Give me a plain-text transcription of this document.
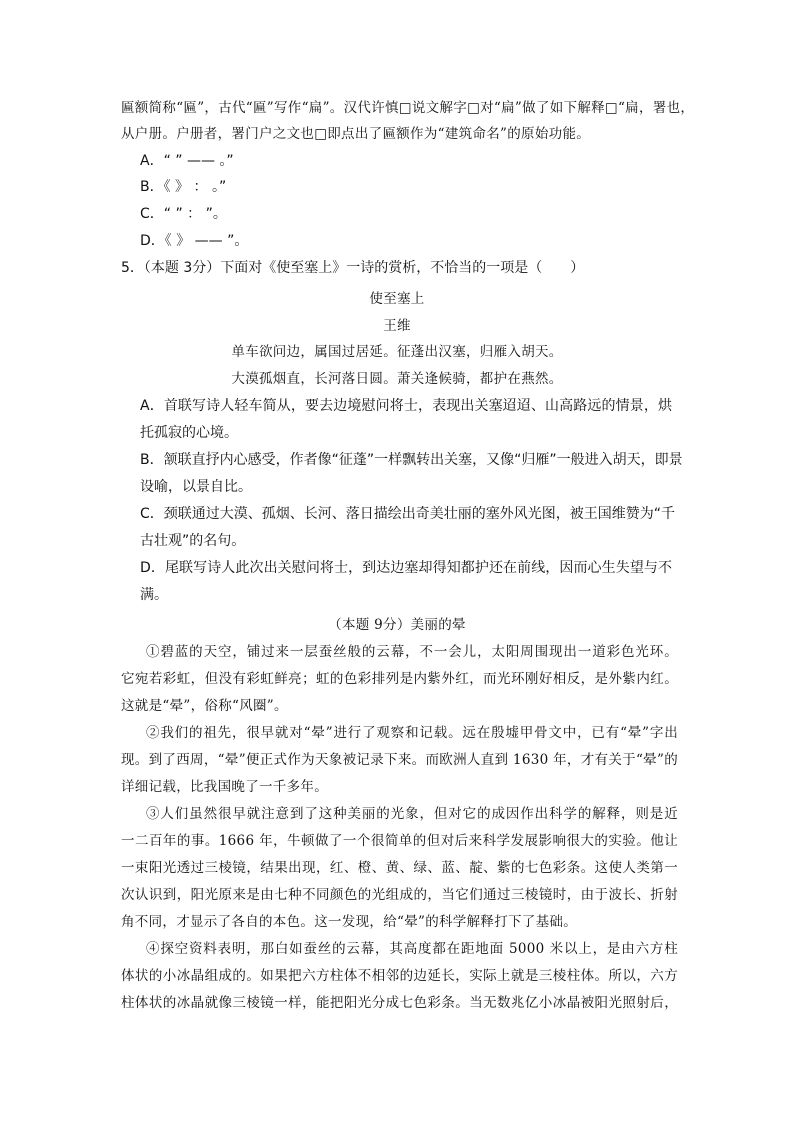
匾额简称“匾”，古代“匾”写作“扁”。汉代许慎□说文解字□对“扁”做了如下解释□“扁，署也，
从户册。户册者，署门户之文也□即点出了匾额作为“建筑命名”的原始功能。
A．“ ” —— 。”
B．《 》 ： 。”
C．“ ” ： ”。
D．《 》 —— ”。
5．（本题 3分）下面对《使至塞上》一诗的赏析，不恰当的一项是（　　）
使至塞上
王维
单车欲问边，属国过居延。征蓬出汉塞，归雁入胡天。
大漠孤烟直，长河落日圆。萧关逢候骑，都护在燕然。
A．首联写诗人轻车简从，要去边境慰问将士，表现出关塞迢迢、山高路远的情景，烘
托孤寂的心境。
B．颔联直抒内心感受，作者像“征蓬”一样飘转出关塞，又像“归雁”一般进入胡天，即景
设喻，以景自比。
C．颈联通过大漠、孤烟、长河、落日描绘出奇美壮丽的塞外风光图，被王国维赞为“千
古壮观”的名句。
D．尾联写诗人此次出关慰问将士，到达边塞却得知都护还在前线，因而心生失望与不
满。
（本题 9分）美丽的晕
①碧蓝的天空，铺过来一层蚕丝般的云幕，不一会儿，太阳周围现出一道彩色光环。
它宛若彩虹，但没有彩虹鲜亮；虹的色彩排列是内紫外红，而光环刚好相反，是外紫内红。
这就是“晕”，俗称“风圈”。
②我们的祖先，很早就对“晕”进行了观察和记载。远在殷墟甲骨文中，已有“晕”字出
现。到了西周，“晕”便正式作为天象被记录下来。而欧洲人直到 1630 年，才有关于“晕”的
详细记载，比我国晚了一千多年。
③人们虽然很早就注意到了这种美丽的光象，但对它的成因作出科学的解释，则是近
一二百年的事。1666 年，牛顿做了一个很简单的但对后来科学发展影响很大的实验。他让
一束阳光透过三棱镜，结果出现，红、橙、黄、绿、蓝、靛、紫的七色彩条。这使人类第一
次认识到，阳光原来是由七种不同颜色的光组成的，当它们通过三棱镜时，由于波长、折射
角不同，才显示了各自的本色。这一发现，给“晕”的科学解释打下了基础。
④探空资料表明，那白如蚕丝的云幕，其高度都在距地面 5000 米以上，是由六方柱
体状的小冰晶组成的。如果把六方柱体不相邻的边延长，实际上就是三棱柱体。所以，六方
柱体状的冰晶就像三棱镜一样，能把阳光分成七色彩条。当无数兆亿小冰晶被阳光照射后，
